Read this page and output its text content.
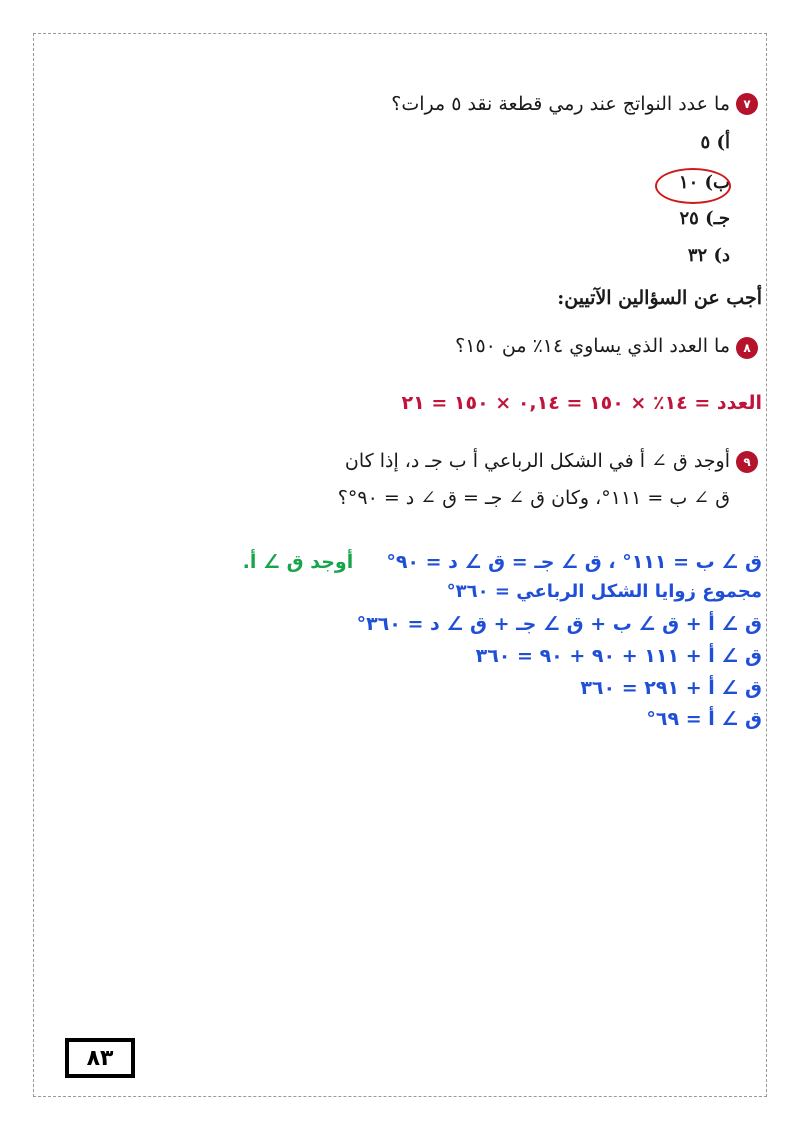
٧
ما عدد النواتج عند رمي قطعة نقد ٥ مرات؟
أ) ٥
ب) ١٠
جـ) ٢٥
د) ٣٢
أجب عن السؤالين الآتيين:
٨
ما العدد الذي يساوي ١٤٪ من ١٥٠؟
العدد = ١٤٪ × ١٥٠ = ٠,١٤ × ١٥٠ = ٢١
٩
أوجد ق ∠ أ في الشكل الرباعي أ ب جـ د، إذا كان
ق ∠ ب = ١١١°، وكان ق ∠ جـ = ق ∠ د = ٩٠°؟
ق ∠ ب = ١١١° ، ق ∠ جـ = ق ∠ د = ٩٠°     أوجد ق ∠ أ.
مجموع زوايا الشكل الرباعي = ٣٦٠°
ق ∠ أ + ق ∠ ب + ق ∠ جـ + ق ∠ د = ٣٦٠°
ق ∠ أ + ١١١ + ٩٠ + ٩٠ = ٣٦٠
ق ∠ أ + ٢٩١ = ٣٦٠
ق ∠ أ = ٦٩°
٨٣
